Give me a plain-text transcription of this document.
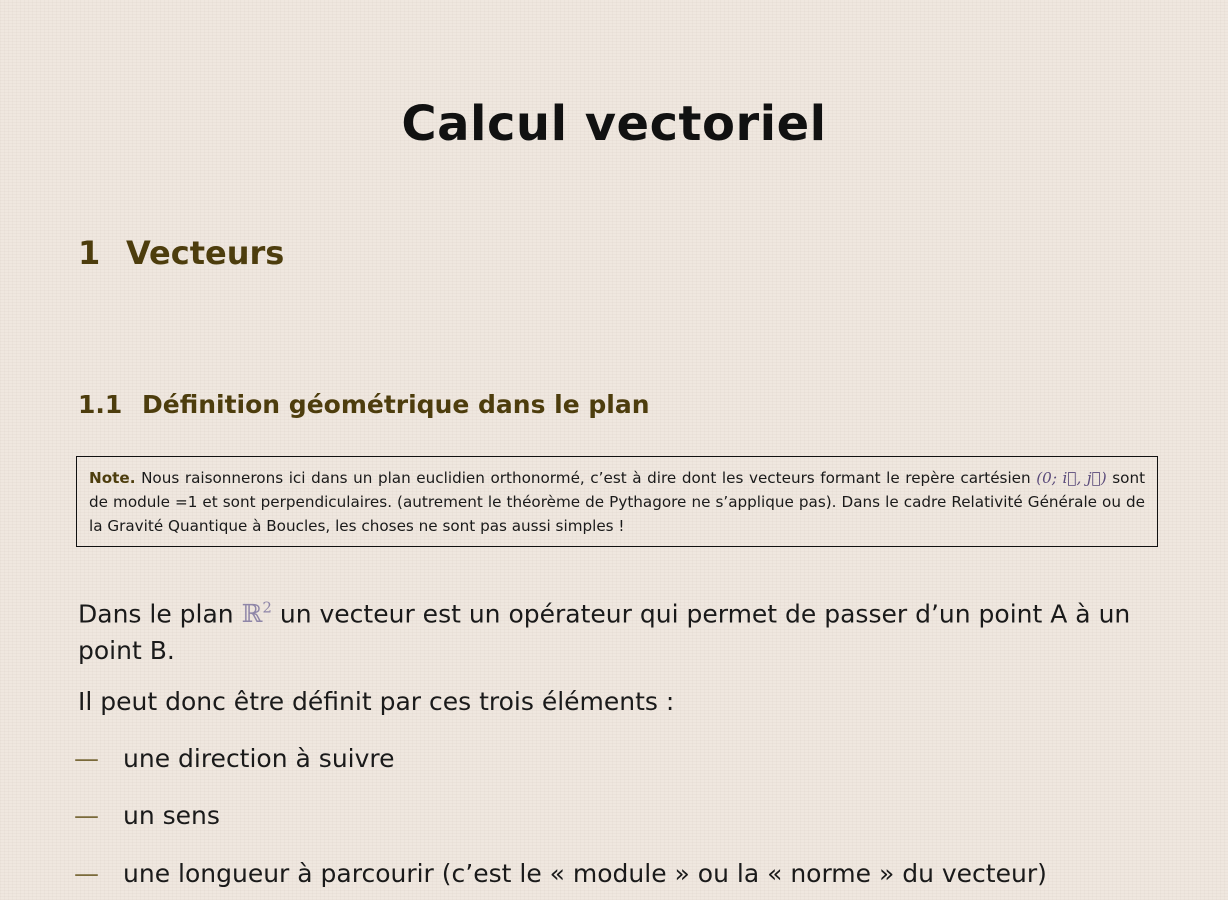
Calcul vectoriel
1 Vecteurs
1.1 Définition géométrique dans le plan
Note. Nous raisonnerons ici dans un plan euclidien orthonormé, c’est à dire dont les vecteurs formant le repère cartésien (0; i⃗, j⃗) sont de module =1 et sont perpendiculaires. (autrement le théorème de Pythagore ne s’applique pas). Dans le cadre Relativité Générale ou de la Gravité Quantique à Boucles, les choses ne sont pas aussi simples !

Dans le plan ℝ$^2$ un vecteur est un opérateur qui permet de passer d’un point A à un point B.

Il peut donc être définit par ces trois éléments :

— une direction à suivre
— un sens
— une longueur à parcourir (c’est le « module » ou la « norme » du vecteur)
